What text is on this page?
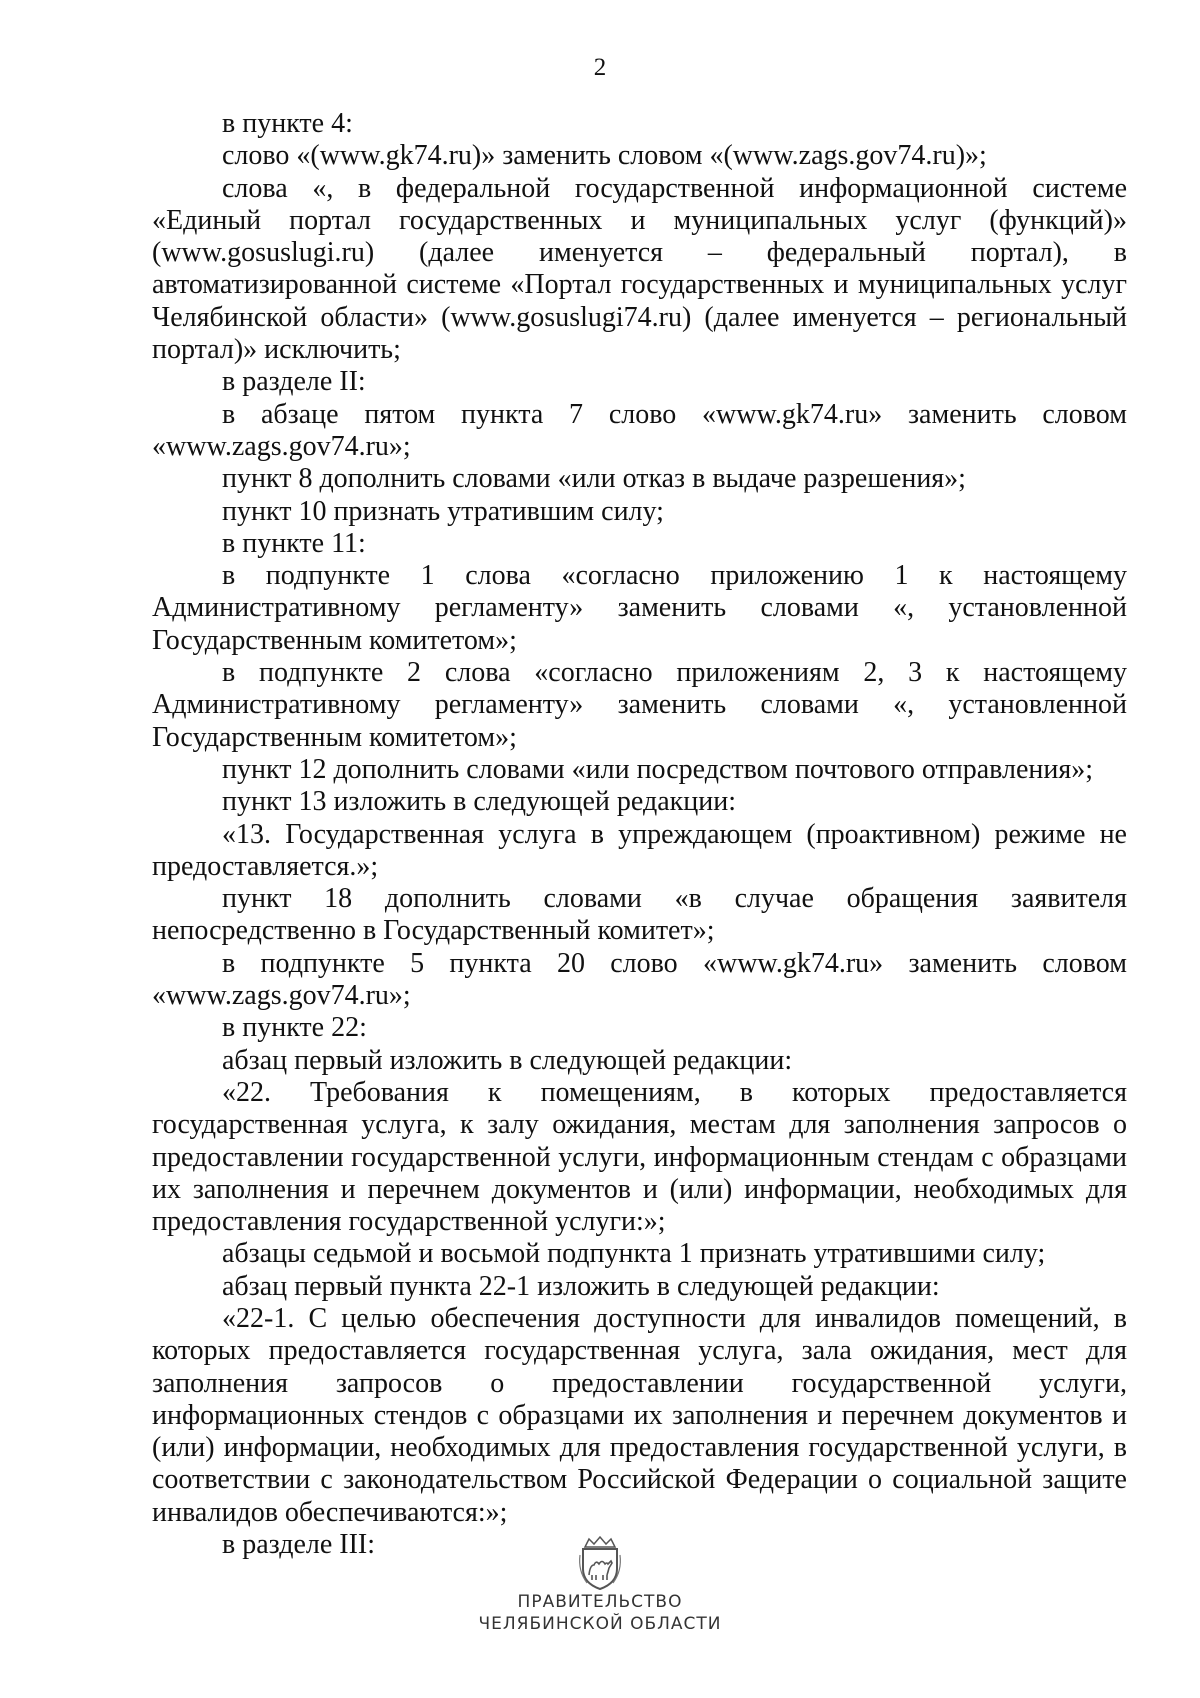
2

в пункте 4:

слово «(www.gk74.ru)» заменить словом «(www.zags.gov74.ru)»;

слова «, в федеральной государственной информационной системе «Единый портал государственных и муниципальных услуг (функций)» (www.gosuslugi.ru) (далее именуется – федеральный портал), в автоматизированной системе «Портал государственных и муниципальных услуг Челябинской области» (www.gosuslugi74.ru) (далее именуется – региональный портал)» исключить;

в разделе II:

в абзаце пятом пункта 7 слово «www.gk74.ru» заменить словом «www.zags.gov74.ru»;

пункт 8 дополнить словами «или отказ в выдаче разрешения»;

пункт 10 признать утратившим силу;

в пункте 11:

в подпункте 1 слова «согласно приложению 1 к настоящему Административному регламенту» заменить словами «, установленной Государственным комитетом»;

в подпункте 2 слова «согласно приложениям 2, 3 к настоящему Административному регламенту» заменить словами «, установленной Государственным комитетом»;

пункт 12 дополнить словами «или посредством почтового отправления»;

пункт 13 изложить в следующей редакции:

«13. Государственная услуга в упреждающем (проактивном) режиме не предоставляется.»;

пункт 18 дополнить словами «в случае обращения заявителя непосредственно в Государственный комитет»;

в подпункте 5 пункта 20 слово «www.gk74.ru» заменить словом «www.zags.gov74.ru»;

в пункте 22:

абзац первый изложить в следующей редакции:

«22. Требования к помещениям, в которых предоставляется государственная услуга, к залу ожидания, местам для заполнения запросов о предоставлении государственной услуги, информационным стендам с образцами их заполнения и перечнем документов и (или) информации, необходимых для предоставления государственной услуги:»;

абзацы седьмой и восьмой подпункта 1 признать утратившими силу;

абзац первый пункта 22-1 изложить в следующей редакции:

«22-1. С целью обеспечения доступности для инвалидов помещений, в которых предоставляется государственная услуга, зала ожидания, мест для заполнения запросов о предоставлении государственной услуги, информационных стендов с образцами их заполнения и перечнем документов и (или) информации, необходимых для предоставления государственной услуги, в соответствии с законодательством Российской Федерации о социальной защите инвалидов обеспечиваются:»;

в разделе III:

ПРАВИТЕЛЬСТВО
ЧЕЛЯБИНСКОЙ ОБЛАСТИ
